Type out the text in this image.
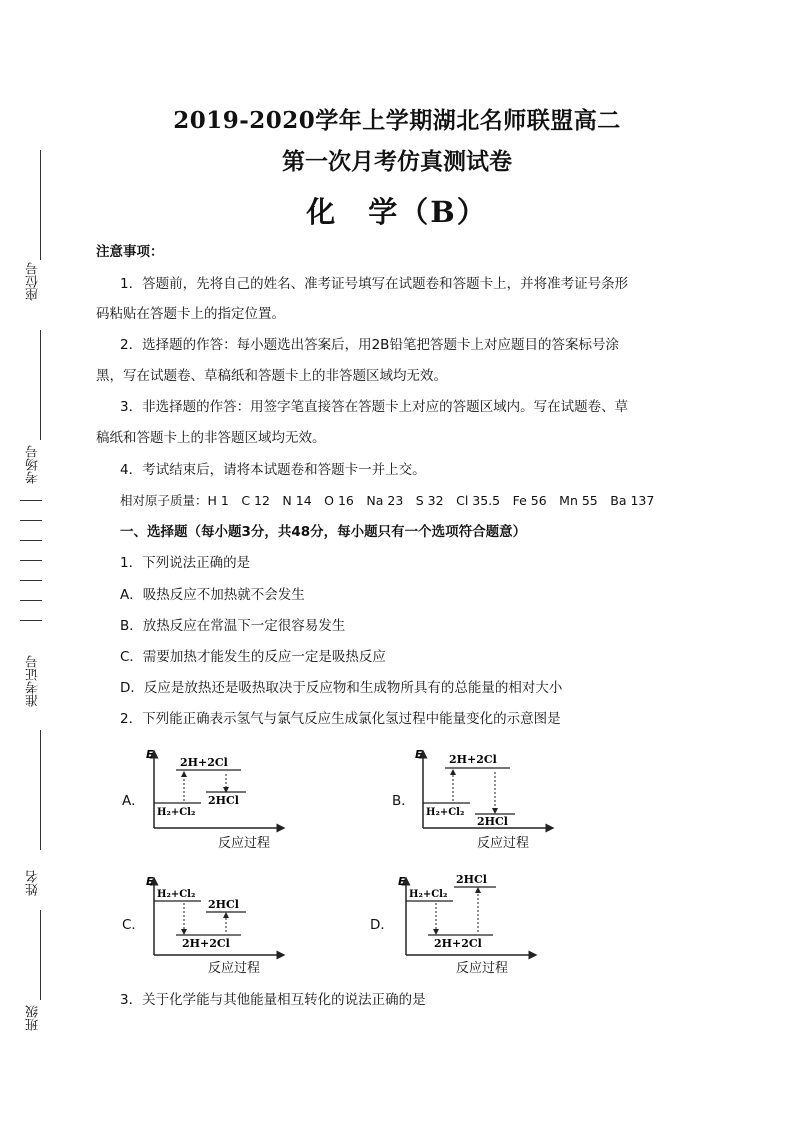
座位号
考场号
准考证号
姓名
班级
2019-2020学年上学期湖北名师联盟高二
第一次月考仿真测试卷
化　学（B）
注意事项：
1．答题前，先将自己的姓名、准考证号填写在试题卷和答题卡上，并将准考证号条形
码粘贴在答题卡上的指定位置。
2．选择题的作答：每小题选出答案后，用2B铅笔把答题卡上对应题目的答案标号涂
黑，写在试题卷、草稿纸和答题卡上的非答题区域均无效。
3．非选择题的作答：用签字笔直接答在答题卡上对应的答题区域内。写在试题卷、草
稿纸和答题卡上的非答题区域均无效。
4．考试结束后，请将本试题卷和答题卡一并上交。
相对原子质量：H 1　C 12　N 14　O 16　Na 23　S 32　Cl 35.5　Fe 56　Mn 55　Ba 137
一、选择题（每小题3分，共48分，每小题只有一个选项符合题意）
1．下列说法正确的是
A．吸热反应不加热就不会发生
B．放热反应在常温下一定很容易发生
C．需要加热才能发生的反应一定是吸热反应
D．反应是放热还是吸热取决于反应物和生成物所具有的总能量的相对大小
2．下列能正确表示氢气与氯气反应生成氯化氢过程中能量变化的示意图是
A．	B．
C．	D．
E
2H+2Cl
H₂+Cl₂
2HCl
反应过程
E 2H+2Cl
H₂+Cl₂
2HCl
反应过程
E
H₂+Cl₂
2HCl
2H+2Cl
反应过程
E
H₂+Cl₂
2HCl
2H+2Cl
反应过程
3．关于化学能与其他能量相互转化的说法正确的是
